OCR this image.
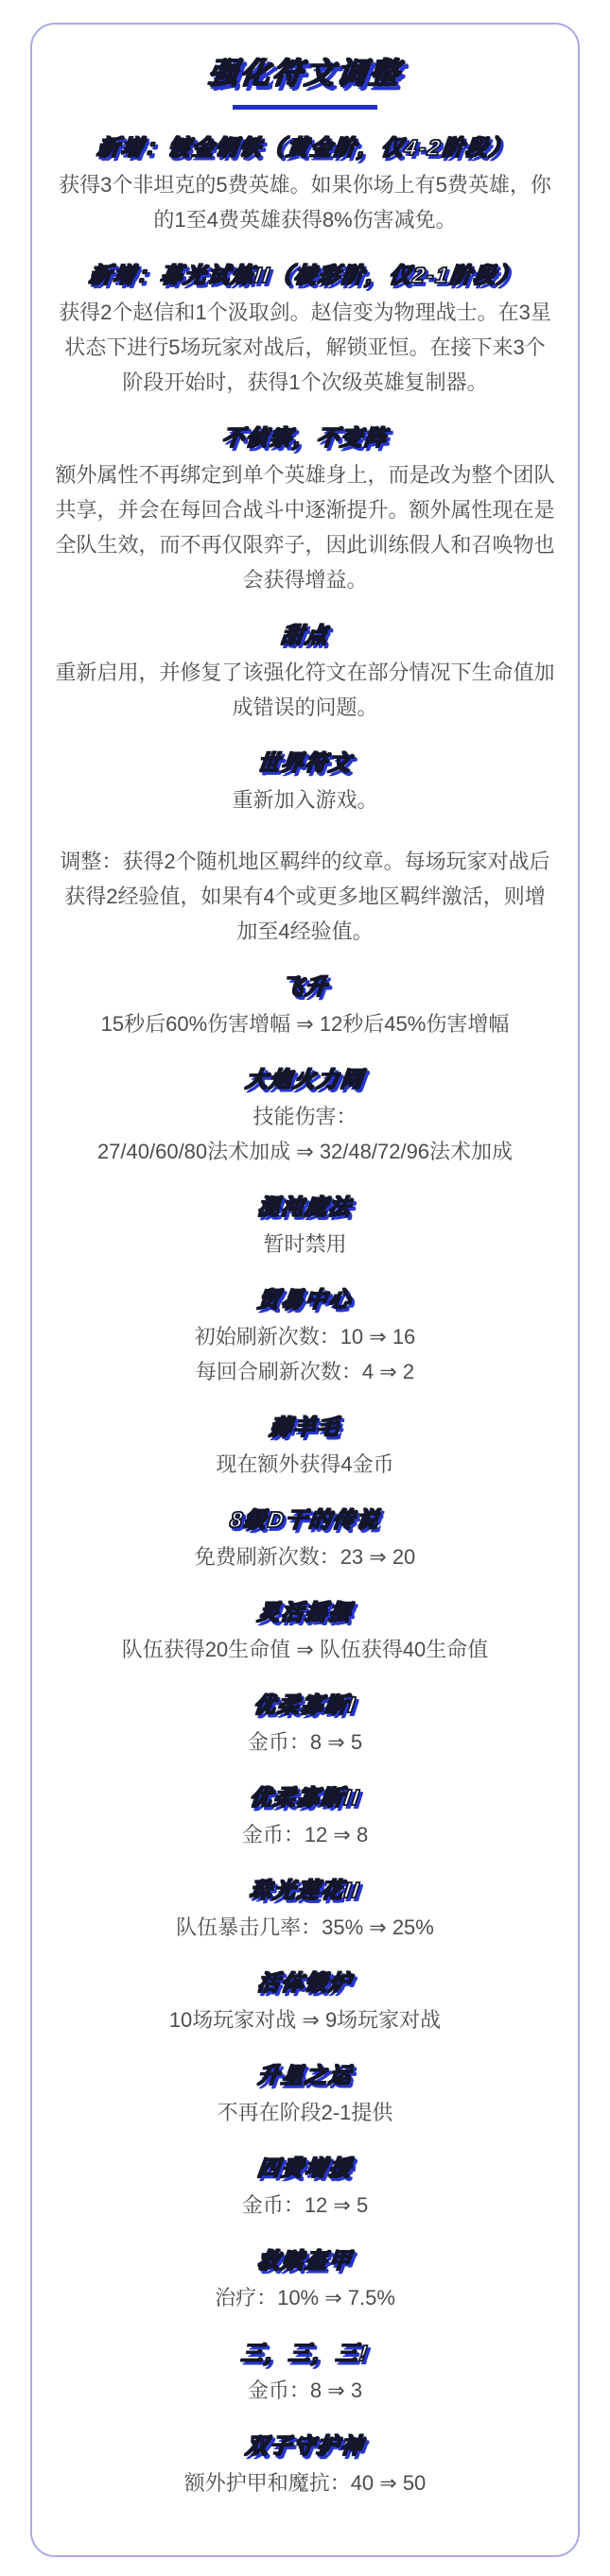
强化符文调整
新增：镀金钢铁（黄金阶，仅4-2阶段）

获得3个非坦克的5费英雄。如果你场上有5费英雄，你的1至4费英雄获得8%伤害减免。

新增：暮光试炼II（棱彩阶，仅2-1阶段）

获得2个赵信和1个汲取剑。赵信变为物理战士。在3星状态下进行5场玩家对战后，解锁亚恒。在接下来3个阶段开始时，获得1个次级英雄复制器。

不侦察，不变阵

额外属性不再绑定到单个英雄身上，而是改为整个团队共享，并会在每回合战斗中逐渐提升。额外属性现在是全队生效，而不再仅限弈子，因此训练假人和召唤物也会获得增益。

甜点

重新启用，并修复了该强化符文在部分情况下生命值加成错误的问题。

世界符文

重新加入游戏。

调整：获得2个随机地区羁绊的纹章。每场玩家对战后获得2经验值，如果有4个或更多地区羁绊激活，则增加至4经验值。

飞升

15秒后60%伤害增幅 ⇒ 12秒后45%伤害增幅

大炮火力网

技能伤害：

27/40/60/80法术加成 ⇒ 32/48/72/96法术加成

混沌魔法

暂时禁用

贸易中心

初始刷新次数：10 ⇒ 16

每回合刷新次数：4 ⇒ 2

薅羊毛

现在额外获得4金币

8级D干的传说

免费刷新次数：23 ⇒ 20

灵活摇摆

队伍获得20生命值 ⇒ 队伍获得40生命值

优柔寡断I

金币：8 ⇒ 5

优柔寡断II

金币：12 ⇒ 8

珠光莲花II

队伍暴击几率：35% ⇒ 25%

活体锻炉

10场玩家对战 ⇒ 9场玩家对战

升星之运

不再在阶段2-1提供

四费增援

金币：12 ⇒ 5

救赎盔甲

治疗：10% ⇒ 7.5%

三，三，三!

金币：8 ⇒ 3

双子守护神

额外护甲和魔抗：40 ⇒ 50
